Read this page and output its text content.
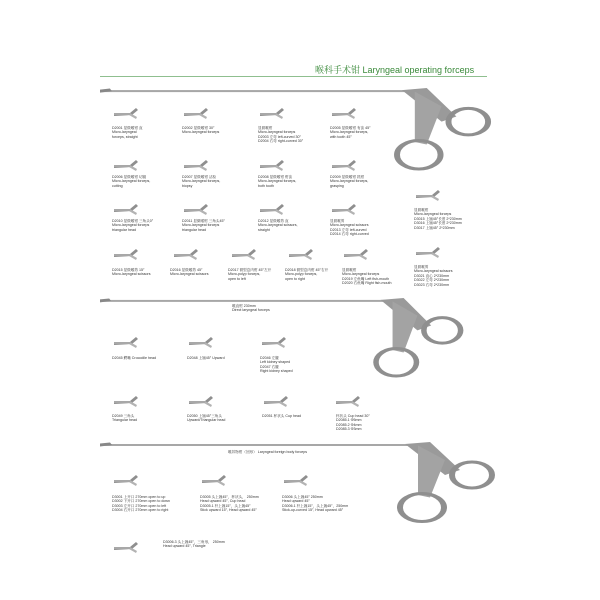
喉科手术钳 Laryngeal operating forceps
D2001 显微喉钳 直
Micro-laryngeal
forceps, straight
D2002 显微喉钳 30°
Micro-laryngeal forceps
显微喉钳
Micro-laryngeal forceps
D2003 左弯 left-curved 30°
D2004 右弯 right-curved 30°
D2005 显微喉钳 有齿 45°
Micro-laryngeal forceps,
with tooth 45°
D2006 显微喉钳 切割
Micro-laryngeal forceps,
cutting
D2007 显微喉钳 活检
Micro-laryngeal forceps,
biopsy
D2008 显微喉钳 钳齿
Micro-laryngeal forceps,
both tooth
D2009 显微喉钳 抓钳
Micro-laryngeal forceps,
grasping
显微喉钳
Micro-laryngeal forceps
D3015 上翘45°长度 2*230mm
D3016 上翘45°长度 2*230mm
D3017 上翘45° 2*230mm
D2010 显微喉钳 三角头0°
Micro-laryngeal forceps
triangular head
D2011 显微喉钳 三角头45°
Micro-laryngeal forceps
triangular head
D2012 显微喉剪 直
Micro-laryngeal scissors,
straight
显微喉剪
Micro-laryngeal scissors
D2013 左弯 left-curved
D2014 右弯 right-curved
显微喉剪
Micro-laryngeal scissors
D3021 直心 2*230mm
D3022 左弯 2*230mm
D3023 右弯 2*230mm
D2015 显微喉剪 15°
Micro-laryngeal scissors
D2016 显微喉剪 45°
Micro-laryngeal scissors
D2017 微型息肉钳 45°左开
Micro-polyp forceps,
open to left
D2018 微型息肉钳 45°右开
Micro-polyp forceps,
open to right
显微喉钳
Micro-laryngeal forceps
D2019 左鱼嘴 Left fish-mouth
D2020 右鱼嘴 Right fish-mouth
喉直钳 230mm
Direct laryngeal forceps
D2045 鳄嘴 Crocodile head	D2048 上翘45° Upward	D2046 左腰
Left kidney shaped
D2047 右腰
Right kidney shaped
D2049 三角头
Triangular head
D2050 上翘45°三角头
Upward/Triangular head
D2051 杯状头 Cup head	杯状头 Cup head 30°
D2085.1 Φ5mm
D2085.2 Φ4mm
D2085.3 Φ3mm
喉异物钳（回形） Laryngeal foreign body forceps
D3001 上开口 270mm open to up
D3002 下开口 270mm open to down
D3003 左开口 270mm open to left
D3004 右开口 270mm open to right
D3005 头上翘45°，杯状头， 250mm
Head upward 45°, Cup head
D3005.1 杆上翘15°，头上翘45°
Stick upward 15°, Head upward 45°
D3006 头上翘45° 250mm
Head upward 45°
D3006.1 杆上翘15°，头上翘45°，250mm
Stick-up-curved 15°, Head upward 45°
D3006.3 头上翘45°，三角形， 250mm
Head upward 45°, Triangle
